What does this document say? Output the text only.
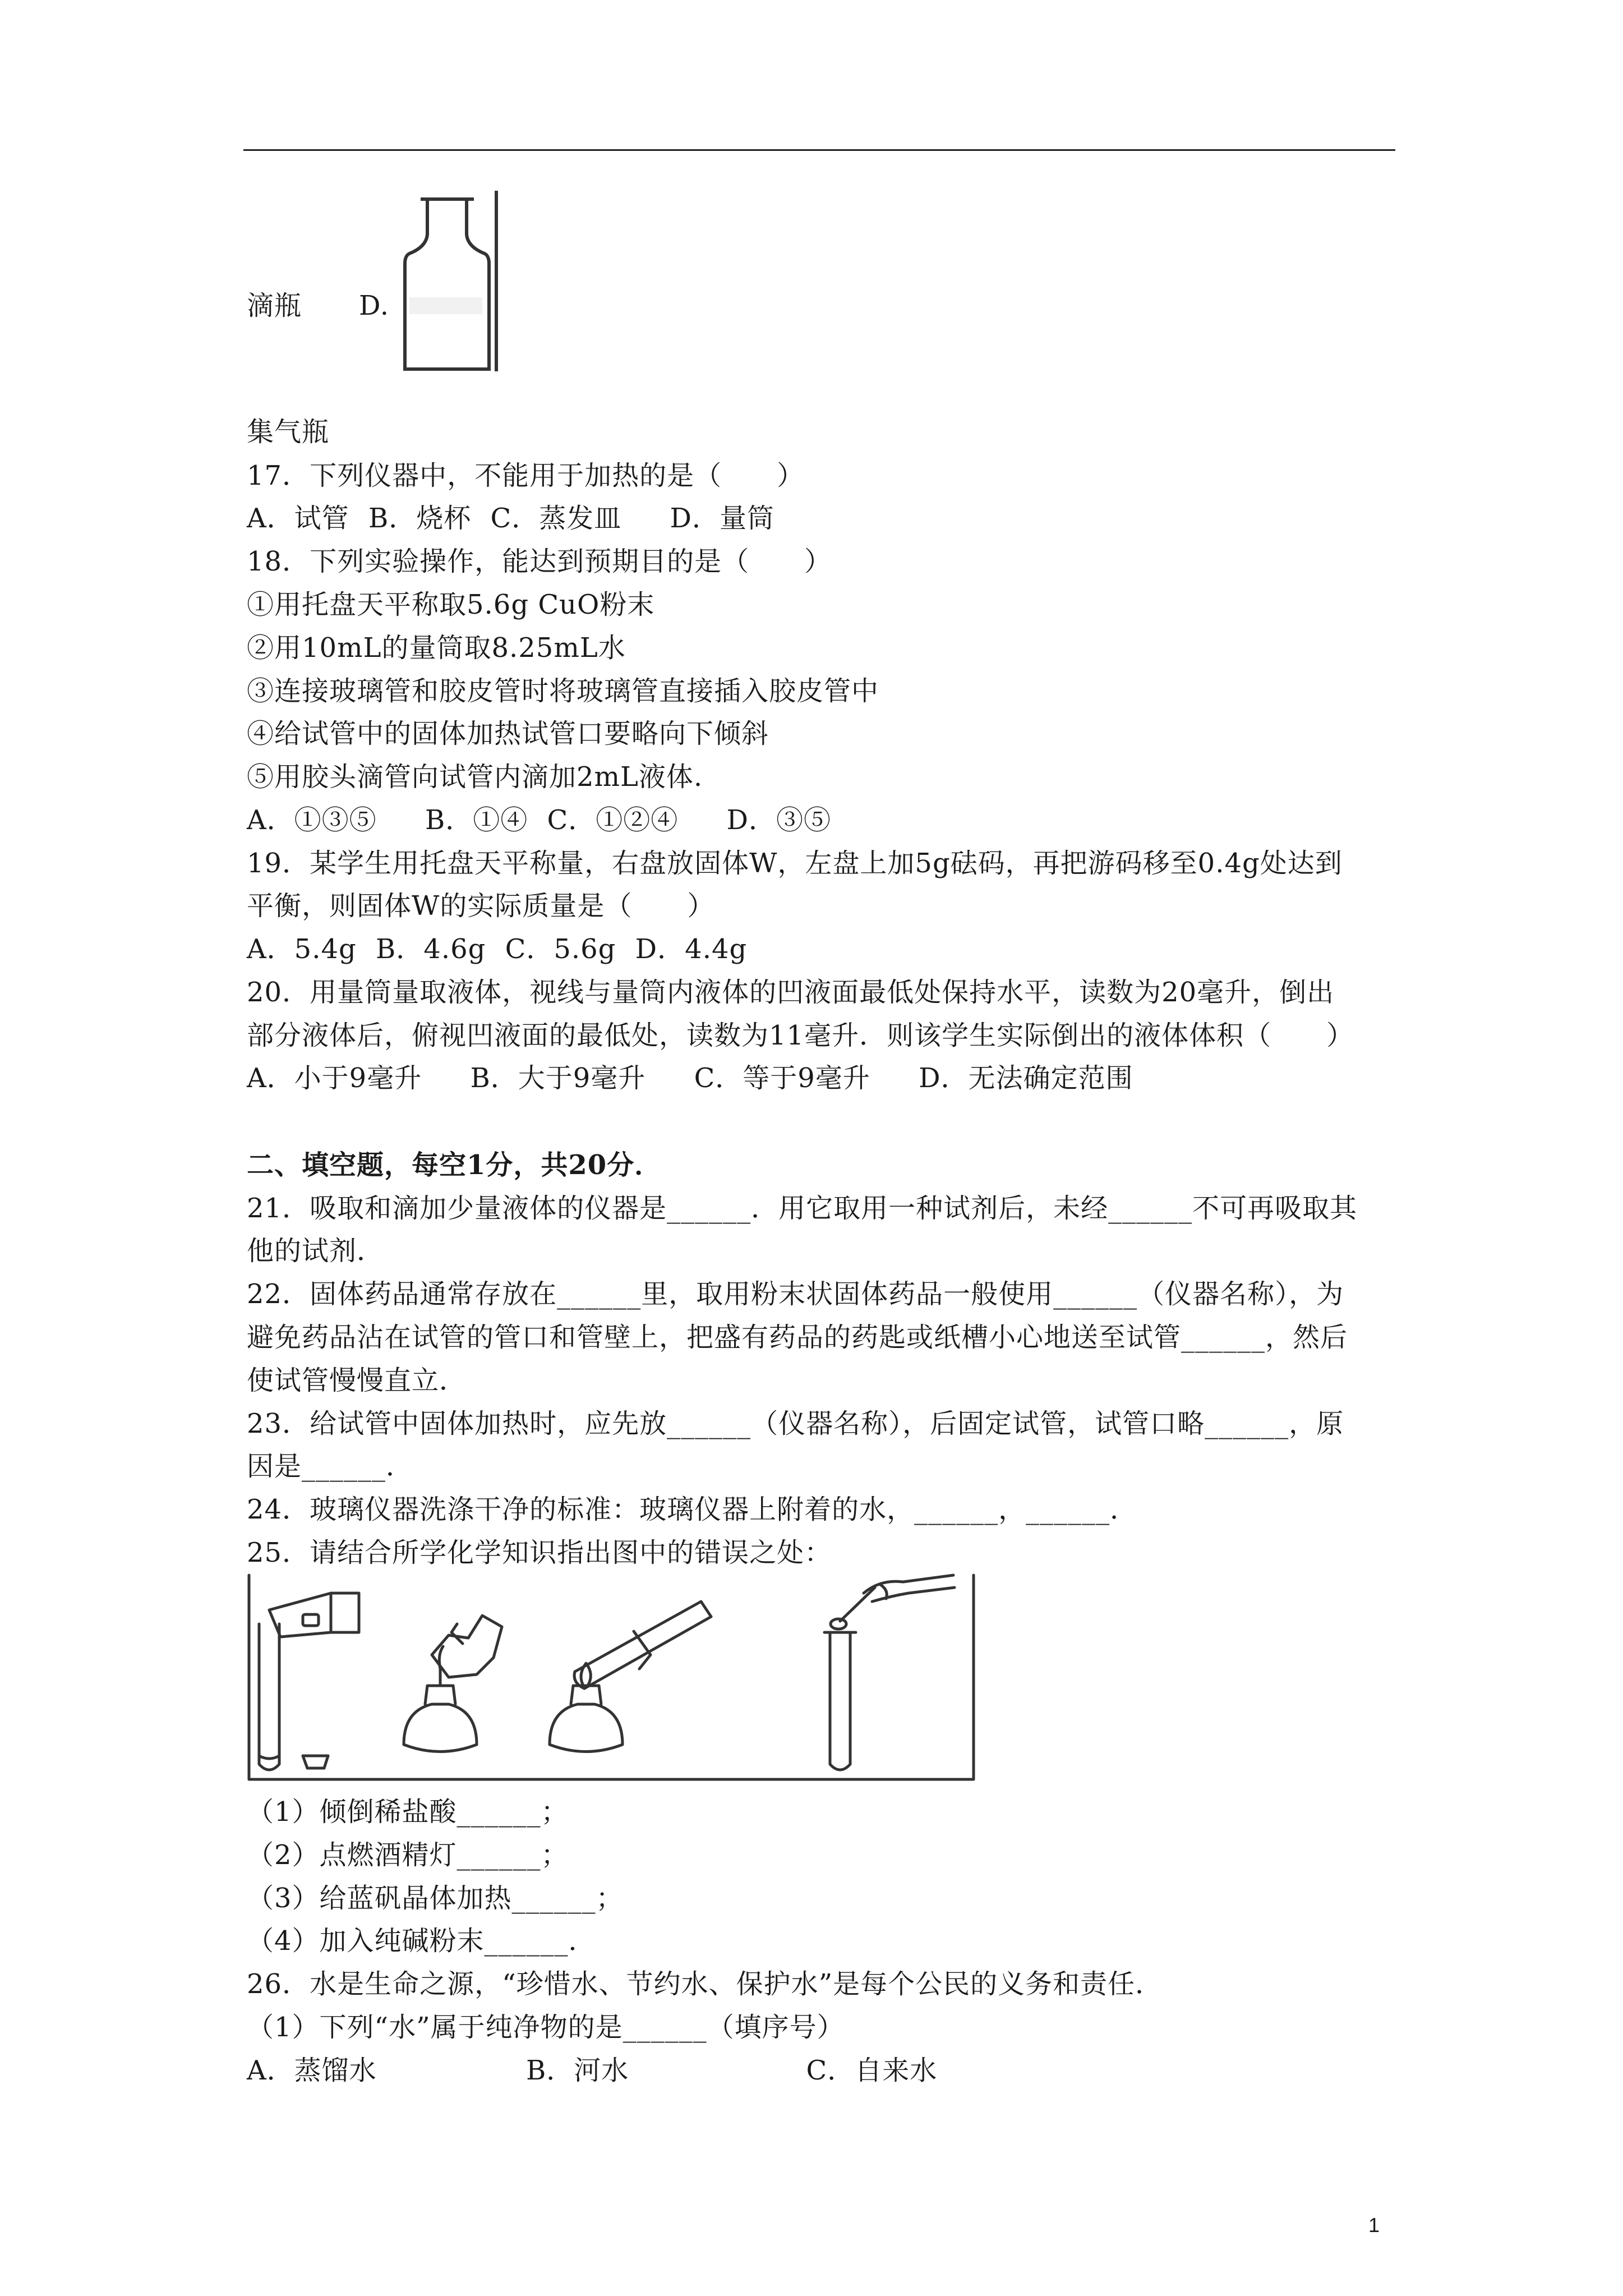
滴瓶 D.
集气瓶
17．下列仪器中，不能用于加热的是（　　）
A．试管 B．烧杯 C．蒸发皿 D．量筒
18．下列实验操作，能达到预期目的是（　　）
①用托盘天平称取5.6g CuO粉末
②用10mL的量筒取8.25mL水
③连接玻璃管和胶皮管时将玻璃管直接插入胶皮管中
④给试管中的固体加热试管口要略向下倾斜
⑤用胶头滴管向试管内滴加2mL液体.
A．①③⑤ B．①④ C．①②④ D．③⑤
19．某学生用托盘天平称量，右盘放固体W，左盘上加5g砝码，再把游码移至0.4g处达到
平衡，则固体W的实际质量是（　　）
A．5.4g B．4.6g C．5.6g D．4.4g
20．用量筒量取液体，视线与量筒内液体的凹液面最低处保持水平，读数为20毫升，倒出
部分液体后，俯视凹液面的最低处，读数为11毫升．则该学生实际倒出的液体体积（　　）
A．小于9毫升 B．大于9毫升 C．等于9毫升 D．无法确定范围
二、填空题，每空1分，共20分．
21．吸取和滴加少量液体的仪器是______．用它取用一种试剂后，未经______不可再吸取其
他的试剂．
22．固体药品通常存放在______里，取用粉末状固体药品一般使用______（仪器名称），为
避免药品沾在试管的管口和管壁上，把盛有药品的药匙或纸槽小心地送至试管______，然后
使试管慢慢直立．
23．给试管中固体加热时，应先放______（仪器名称），后固定试管，试管口略______，原
因是______．
24．玻璃仪器洗涤干净的标准：玻璃仪器上附着的水，______，______．
25．请结合所学化学知识指出图中的错误之处：
（1）倾倒稀盐酸______；
（2）点燃酒精灯______；
（3）给蓝矾晶体加热______；
（4）加入纯碱粉末______．
26．水是生命之源，“珍惜水、节约水、保护水”是每个公民的义务和责任．
（1）下列“水”属于纯净物的是______（填序号）
A．蒸馏水	B．河水	C．自来水
1
